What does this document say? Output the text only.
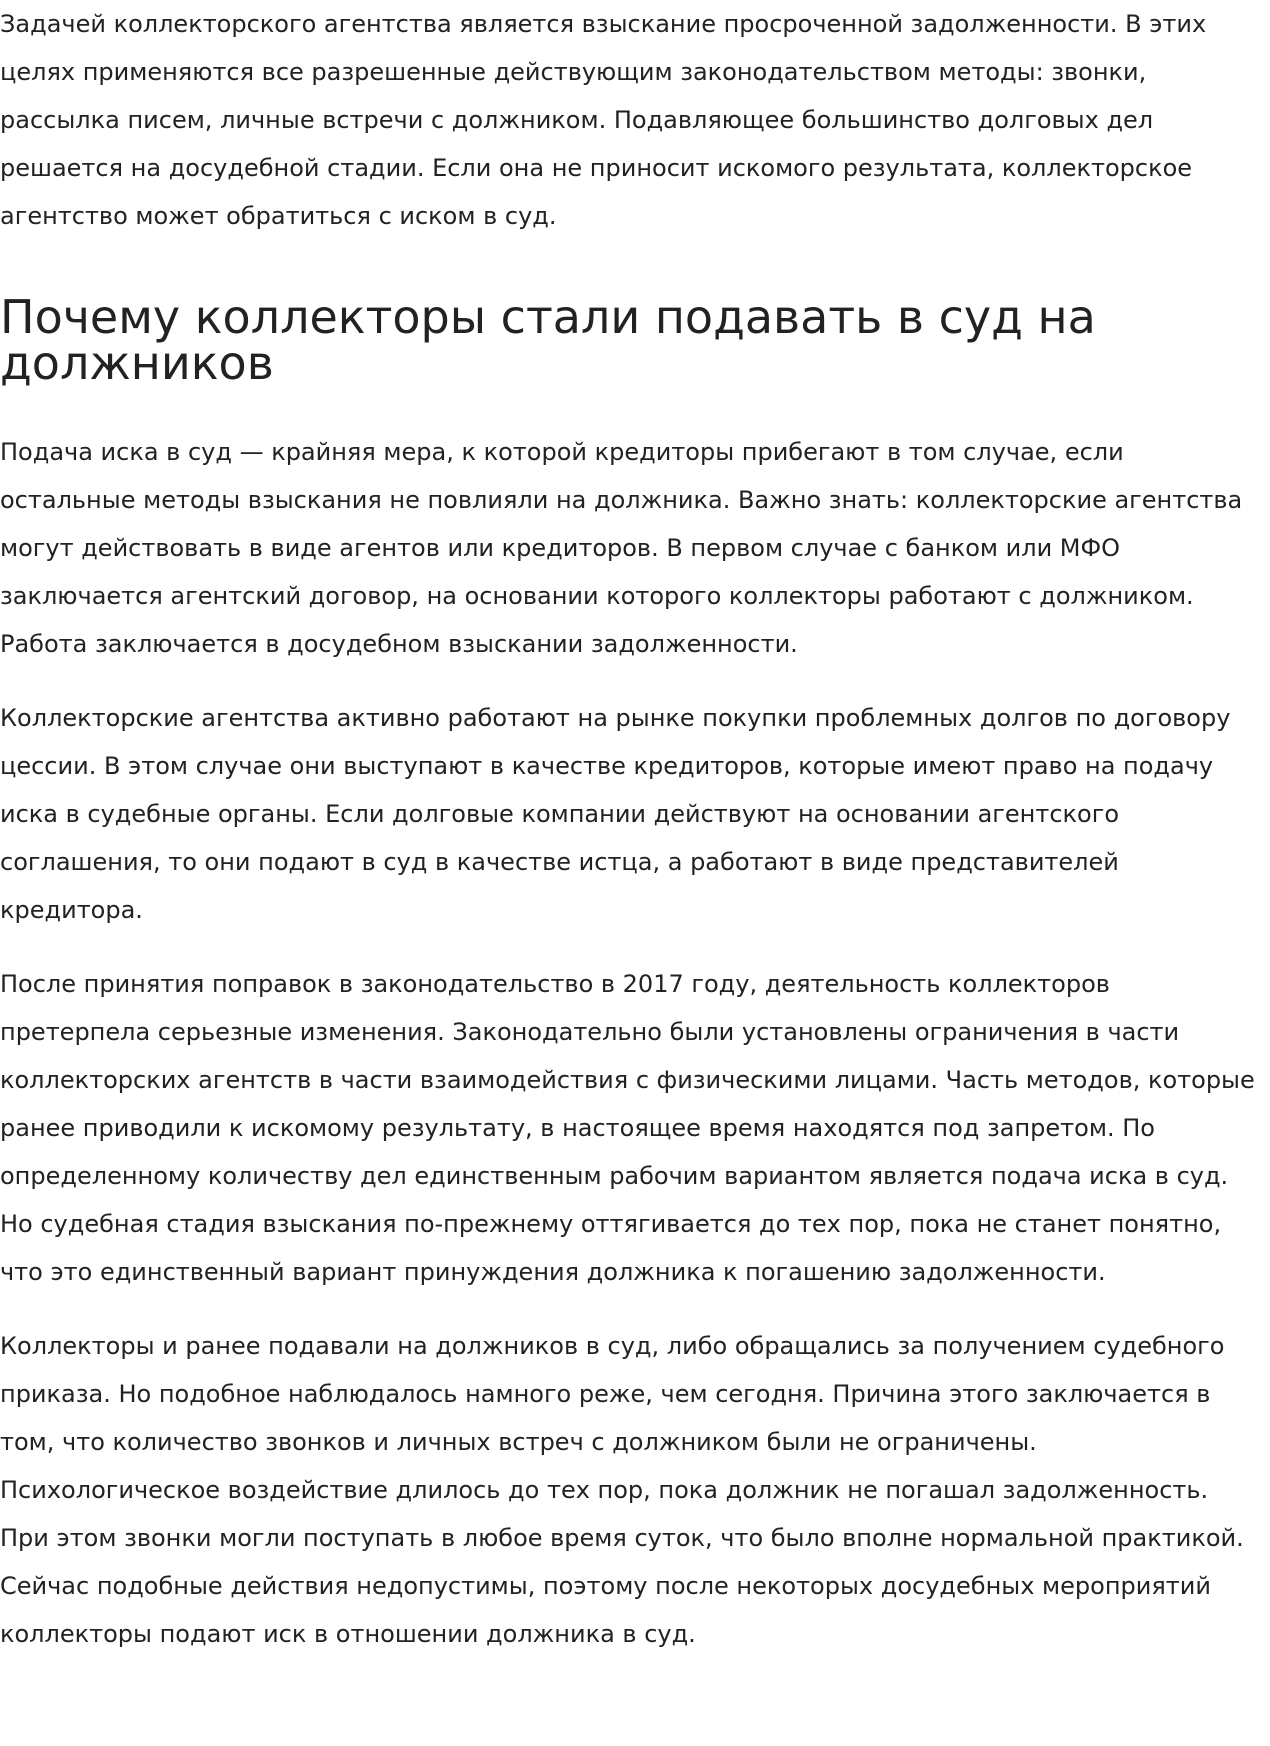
Задачей коллекторского агентства является взыскание просроченной задолженности. В этих целях применяются все разрешенные действующим законодательством методы: звонки, рассылка писем, личные встречи с должником. Подавляющее большинство долговых дел решается на досудебной стадии. Если она не приносит искомого результата, коллекторское агентство может обратиться с иском в суд.

Почему коллекторы стали подавать в суд на должников

Подача иска в суд — крайняя мера, к которой кредиторы прибегают в том случае, если остальные методы взыскания не повлияли на должника. Важно знать: коллекторские агентства могут действовать в виде агентов или кредиторов. В первом случае с банком или МФО заключается агентский договор, на основании которого коллекторы работают с должником. Работа заключается в досудебном взыскании задолженности.

Коллекторские агентства активно работают на рынке покупки проблемных долгов по договору цессии. В этом случае они выступают в качестве кредиторов, которые имеют право на подачу иска в судебные органы. Если долговые компании действуют на основании агентского соглашения, то они подают в суд в качестве истца, а работают в виде представителей кредитора.

После принятия поправок в законодательство в 2017 году, деятельность коллекторов претерпела серьезные изменения. Законодательно были установлены ограничения в части коллекторских агентств в части взаимодействия с физическими лицами. Часть методов, которые ранее приводили к искомому результату, в настоящее время находятся под запретом. По определенному количеству дел единственным рабочим вариантом является подача иска в суд. Но судебная стадия взыскания по-прежнему оттягивается до тех пор, пока не станет понятно, что это единственный вариант принуждения должника к погашению задолженности.

Коллекторы и ранее подавали на должников в суд, либо обращались за получением судебного приказа. Но подобное наблюдалось намного реже, чем сегодня. Причина этого заключается в том, что количество звонков и личных встреч с должником были не ограничены. Психологическое воздействие длилось до тех пор, пока должник не погашал задолженность. При этом звонки могли поступать в любое время суток, что было вполне нормальной практикой. Сейчас подобные действия недопустимы, поэтому после некоторых досудебных мероприятий коллекторы подают иск в отношении должника в суд.
